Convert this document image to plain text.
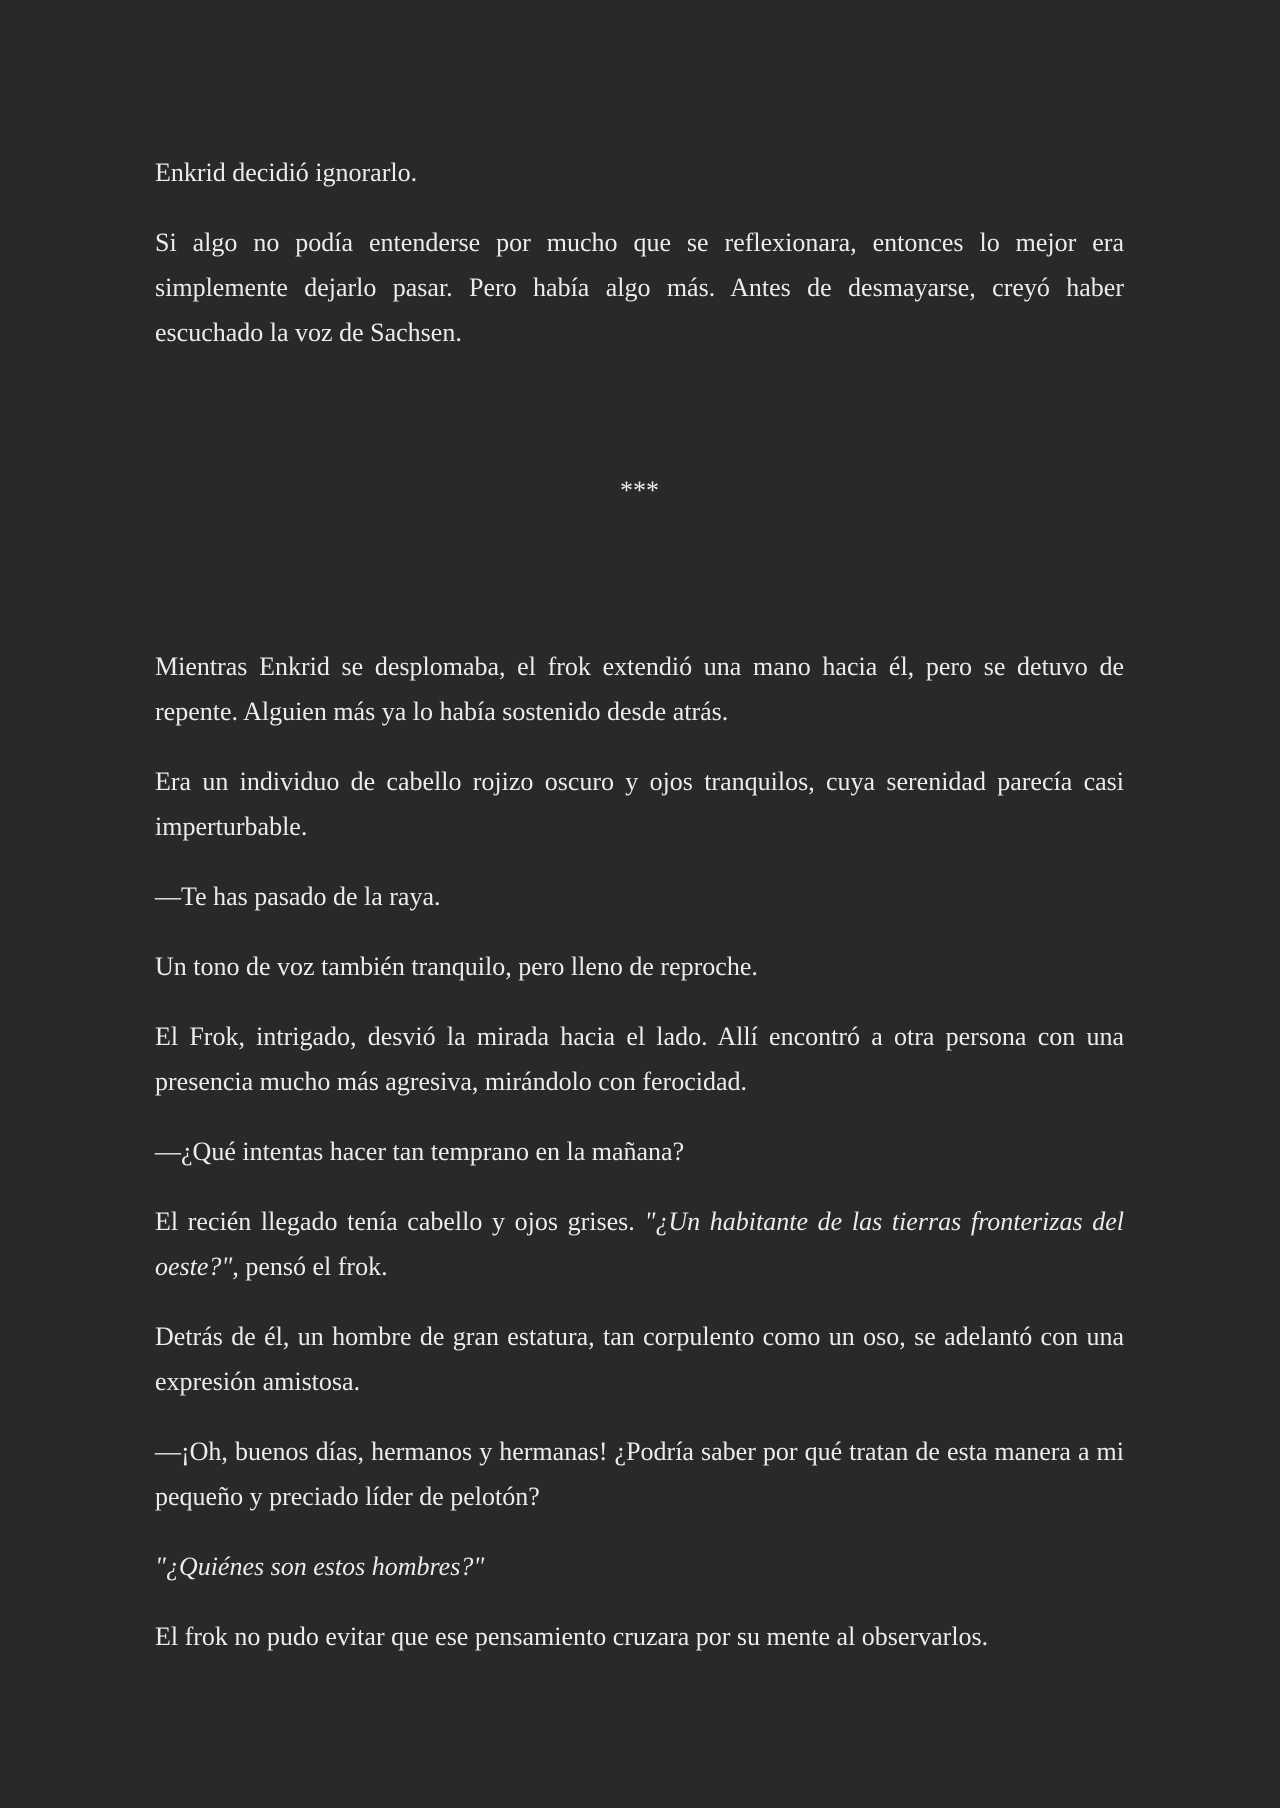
Enkrid decidió ignorarlo.

Si algo no podía entenderse por mucho que se reflexionara, entonces lo mejor era simplemente dejarlo pasar. Pero había algo más. Antes de desmayarse, creyó haber escuchado la voz de Sachsen.

***

Mientras Enkrid se desplomaba, el frok extendió una mano hacia él, pero se detuvo de repente. Alguien más ya lo había sostenido desde atrás.

Era un individuo de cabello rojizo oscuro y ojos tranquilos, cuya serenidad parecía casi imperturbable.

—Te has pasado de la raya.

Un tono de voz también tranquilo, pero lleno de reproche.

El Frok, intrigado, desvió la mirada hacia el lado. Allí encontró a otra persona con una presencia mucho más agresiva, mirándolo con ferocidad.

—¿Qué intentas hacer tan temprano en la mañana?

El recién llegado tenía cabello y ojos grises. "¿Un habitante de las tierras fronterizas del oeste?", pensó el frok.

Detrás de él, un hombre de gran estatura, tan corpulento como un oso, se adelantó con una expresión amistosa.

—¡Oh, buenos días, hermanos y hermanas! ¿Podría saber por qué tratan de esta manera a mi pequeño y preciado líder de pelotón?

"¿Quiénes son estos hombres?"

El frok no pudo evitar que ese pensamiento cruzara por su mente al observarlos.
